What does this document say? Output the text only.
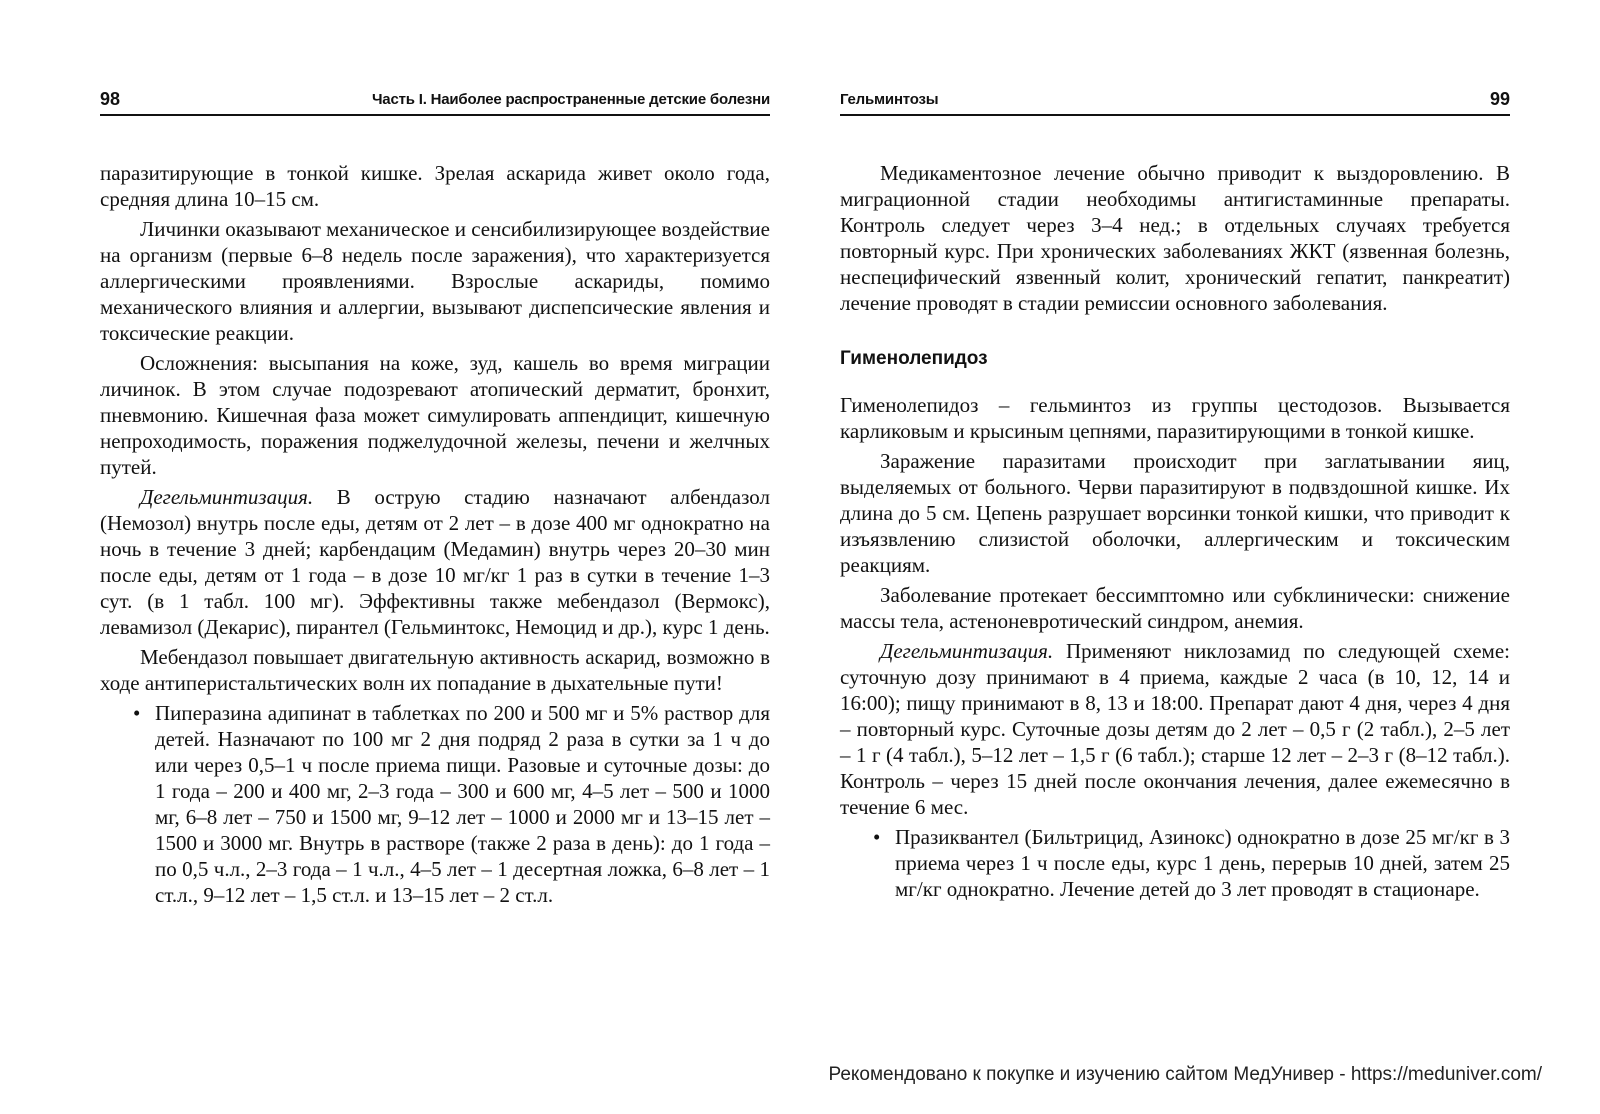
98	Часть I. Наиболее распространенные детские болезни

паразитирующие в тонкой кишке. Зрелая аскарида живет около года, средняя длина 10–15 см.

Личинки оказывают механическое и сенсибилизирующее воздействие на организм (первые 6–8 недель после заражения), что характеризуется аллергическими проявлениями. Взрослые аскариды, помимо механического влияния и аллергии, вызывают диспепсические явления и токсические реакции.

Осложнения: высыпания на коже, зуд, кашель во время миграции личинок. В этом случае подозревают атопический дерматит, бронхит, пневмонию. Кишечная фаза может симулировать аппендицит, кишечную непроходимость, поражения поджелудочной железы, печени и желчных путей.

Дегельминтизация. В острую стадию назначают албендазол (Немозол) внутрь после еды, детям от 2 лет – в дозе 400 мг однократно на ночь в течение 3 дней; карбендацим (Медамин) внутрь через 20–30 мин после еды, детям от 1 года – в дозе 10 мг/кг 1 раз в сутки в течение 1–3 сут. (в 1 табл. 100 мг). Эффективны также мебендазол (Вермокс), левамизол (Декарис), пирантел (Гельминтокс, Немоцид и др.), курс 1 день.

Мебендазол повышает двигательную активность аскарид, возможно в ходе антиперистальтических волн их попадание в дыхательные пути!

• Пиперазина адипинат в таблетках по 200 и 500 мг и 5% раствор для детей. Назначают по 100 мг 2 дня подряд 2 раза в сутки за 1 ч до или через 0,5–1 ч после приема пищи. Разовые и суточные дозы: до 1 года – 200 и 400 мг, 2–3 года – 300 и 600 мг, 4–5 лет – 500 и 1000 мг, 6–8 лет – 750 и 1500 мг, 9–12 лет – 1000 и 2000 мг и 13–15 лет – 1500 и 3000 мг. Внутрь в растворе (также 2 раза в день): до 1 года – по 0,5 ч.л., 2–3 года – 1 ч.л., 4–5 лет – 1 десертная ложка, 6–8 лет – 1 ст.л., 9–12 лет – 1,5 ст.л. и 13–15 лет – 2 ст.л.
Гельминтозы	99

Медикаментозное лечение обычно приводит к выздоровлению. В миграционной стадии необходимы антигистаминные препараты. Контроль следует через 3–4 нед.; в отдельных случаях требуется повторный курс. При хронических заболеваниях ЖКТ (язвенная болезнь, неспецифический язвенный колит, хронический гепатит, панкреатит) лечение проводят в стадии ремиссии основного заболевания.

Гименолепидоз

Гименолепидоз – гельминтоз из группы цестодозов. Вызывается карликовым и крысиным цепнями, паразитирующими в тонкой кишке.

Заражение паразитами происходит при заглатывании яиц, выделяемых от больного. Черви паразитируют в подвздошной кишке. Их длина до 5 см. Цепень разрушает ворсинки тонкой кишки, что приводит к изъязвлению слизистой оболочки, аллергическим и токсическим реакциям.

Заболевание протекает бессимптомно или субклинически: снижение массы тела, астеноневротический синдром, анемия.

Дегельминтизация. Применяют никлозамид по следующей схеме: суточную дозу принимают в 4 приема, каждые 2 часа (в 10, 12, 14 и 16:00); пищу принимают в 8, 13 и 18:00. Препарат дают 4 дня, через 4 дня – повторный курс. Суточные дозы детям до 2 лет – 0,5 г (2 табл.), 2–5 лет – 1 г (4 табл.), 5–12 лет – 1,5 г (6 табл.); старше 12 лет – 2–3 г (8–12 табл.). Контроль – через 15 дней после окончания лечения, далее ежемесячно в течение 6 мес.

• Празиквантел (Бильтрицид, Азинокс) однократно в дозе 25 мг/кг в 3 приема через 1 ч после еды, курс 1 день, перерыв 10 дней, затем 25 мг/кг однократно. Лечение детей до 3 лет проводят в стационаре.
Рекомендовано к покупке и изучению сайтом МедУнивер - https://meduniver.com/
